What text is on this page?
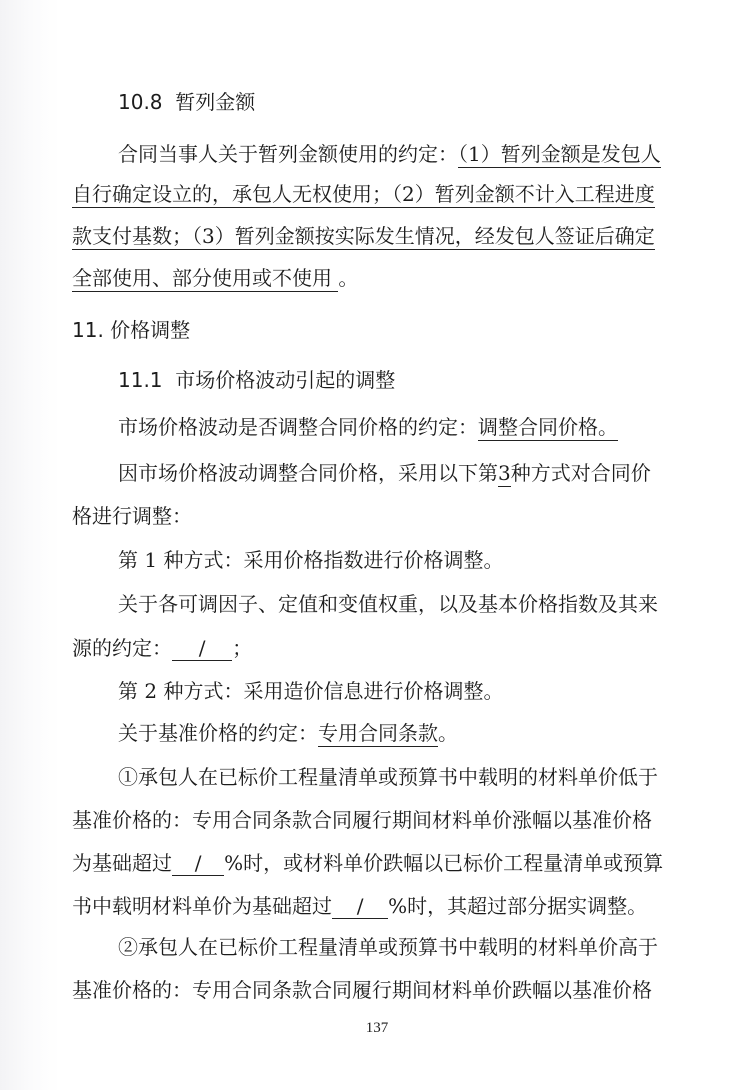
10.8  暂列金额
合同当事人关于暂列金额使用的约定：（1）暂列金额是发包人
自行确定设立的，承包人无权使用；（2）暂列金额不计入工程进度
款支付基数；（3）暂列金额按实际发生情况，经发包人签证后确定
全部使用、部分使用或不使用 。
11. 价格调整
11.1  市场价格波动引起的调整
市场价格波动是否调整合同价格的约定：调整合同价格。
因市场价格波动调整合同价格，采用以下第3种方式对合同价
格进行调整：
第 1 种方式：采用价格指数进行价格调整。
关于各可调因子、定值和变值权重，以及基本价格指数及其来
源的约定：  /  ；
第 2 种方式：采用造价信息进行价格调整。
关于基准价格的约定：专用合同条款。
①承包人在已标价工程量清单或预算书中载明的材料单价低于
基准价格的：专用合同条款合同履行期间材料单价涨幅以基准价格
为基础超过  /  %时，或材料单价跌幅以已标价工程量清单或预算
书中载明材料单价为基础超过  /  %时，其超过部分据实调整。
②承包人在已标价工程量清单或预算书中载明的材料单价高于
基准价格的：专用合同条款合同履行期间材料单价跌幅以基准价格
137
